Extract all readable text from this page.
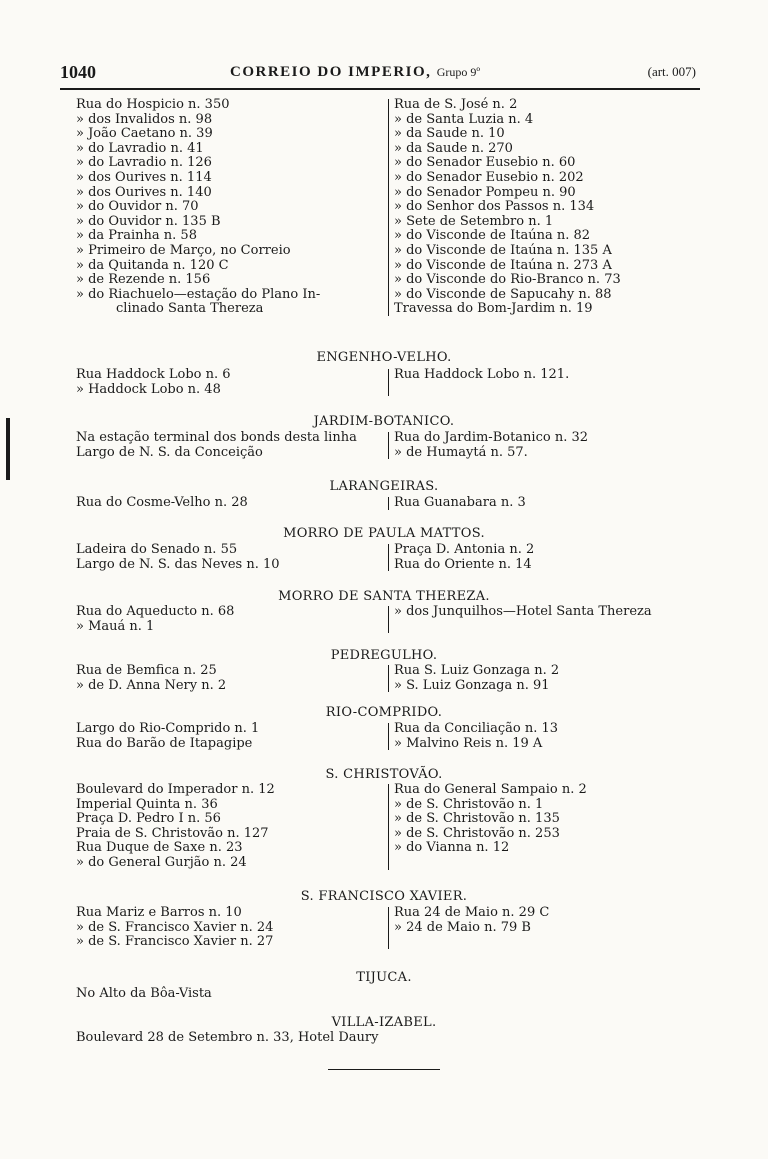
1040	CORREIO DO IMPERIO, Grupo 9º	(art. 007)
Rua do Hospicio n. 350
» dos Invalidos n. 98
» João Caetano n. 39
» do Lavradio n. 41
» do Lavradio n. 126
» dos Ourives n. 114
» dos Ourives n. 140
» do Ouvidor n. 70
» do Ouvidor n. 135 B
» da Prainha n. 58
» Primeiro de Março, no Correio
» da Quitanda n. 120 C
» de Rezende n. 156
» do Riachuelo—estação do Plano In-
clinado Santa Thereza
Rua de S. José n. 2
» de Santa Luzia n. 4
» da Saude n. 10
» da Saude n. 270
» do Senador Eusebio n. 60
» do Senador Eusebio n. 202
» do Senador Pompeu n. 90
» do Senhor dos Passos n. 134
» Sete de Setembro n. 1
» do Visconde de Itaúna n. 82
» do Visconde de Itaúna n. 135 A
» do Visconde de Itaúna n. 273 A
» do Visconde do Rio-Branco n. 73
» do Visconde de Sapucahy n. 88
Travessa do Bom-Jardim n. 19
ENGENHO-VELHO.
Rua Haddock Lobo n. 6
» Haddock Lobo n. 48
Rua Haddock Lobo n. 121.
JARDIM-BOTANICO.
Na estação terminal dos bonds desta linha
Largo de N. S. da Conceição
Rua do Jardim-Botanico n. 32
» de Humaytá n. 57.
LARANGEIRAS.
Rua do Cosme-Velho n. 28	Rua Guanabara n. 3
MORRO DE PAULA MATTOS.
Ladeira do Senado n. 55
Largo de N. S. das Neves n. 10
Praça D. Antonia n. 2
Rua do Oriente n. 14
MORRO DE SANTA THEREZA.
Rua do Aqueducto n. 68
» Mauá n. 1
» dos Junquilhos—Hotel Santa Thereza
PEDREGULHO.
Rua de Bemfica n. 25
» de D. Anna Nery n. 2
Rua S. Luiz Gonzaga n. 2
» S. Luiz Gonzaga n. 91
RIO-COMPRIDO.
Largo do Rio-Comprido n. 1
Rua do Barão de Itapagipe
Rua da Conciliação n. 13
» Malvino Reis n. 19 A
S. CHRISTOVÃO.
Boulevard do Imperador n. 12
Imperial Quinta n. 36
Praça D. Pedro I n. 56
Praia de S. Christovão n. 127
Rua Duque de Saxe n. 23
» do General Gurjão n. 24
Rua do General Sampaio n. 2
» de S. Christovão n. 1
» de S. Christovão n. 135
» de S. Christovão n. 253
» do Vianna n. 12
S. FRANCISCO XAVIER.
Rua Mariz e Barros n. 10
» de S. Francisco Xavier n. 24
» de S. Francisco Xavier n. 27
Rua 24 de Maio n. 29 C
» 24 de Maio n. 79 B
TIJUCA.
No Alto da Bôa-Vista
VILLA-IZABEL.
Boulevard 28 de Setembro n. 33, Hotel Daury
